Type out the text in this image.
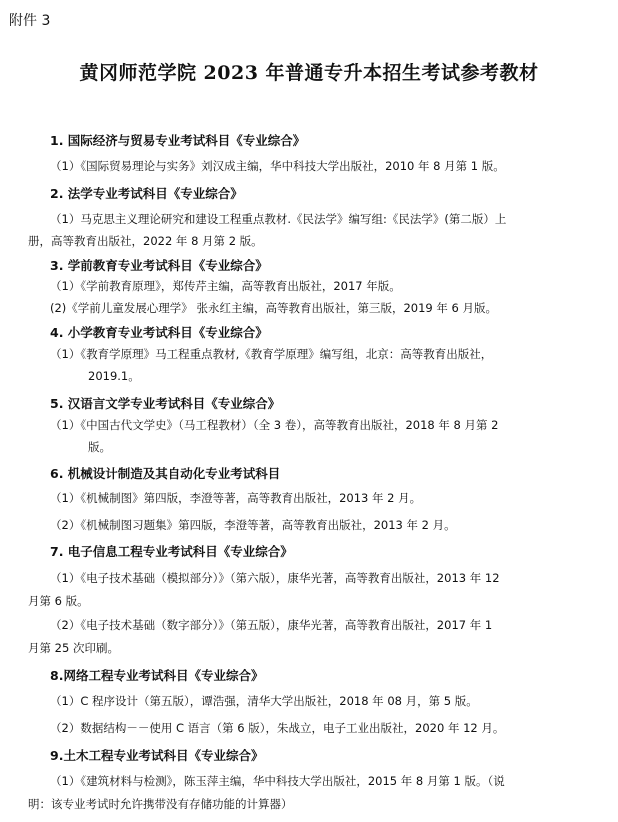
附件 3
黄冈师范学院 2023 年普通专升本招生考试参考教材
1. 国际经济与贸易专业考试科目《专业综合》
（1）《国际贸易理论与实务》刘汉成主编，华中科技大学出版社，2010 年 8 月第 1 版。
2. 法学专业考试科目《专业综合》
（1）马克思主义理论研究和建设工程重点教材.《民法学》编写组:《民法学》(第二版）上
册，高等教育出版社，2022 年 8 月第 2 版。
3. 学前教育专业考试科目《专业综合》
（1）《学前教育原理》，郑传芹主编，高等教育出版社，2017 年版。
(2)《学前儿童发展心理学》 张永红主编，高等教育出版社，第三版，2019 年 6 月版。
4. 小学教育专业考试科目《专业综合》
（1）《教育学原理》马工程重点教材,《教育学原理》编写组，北京：高等教育出版社，
2019.1。
5. 汉语言文学专业考试科目《专业综合》
（1）《中国古代文学史》（马工程教材）（全 3 卷），高等教育出版社，2018 年 8 月第 2
版。
6. 机械设计制造及其自动化专业考试科目
（1）《机械制图》第四版，李澄等著，高等教育出版社，2013 年 2 月。
（2）《机械制图习题集》第四版，李澄等著，高等教育出版社，2013 年 2 月。
7. 电子信息工程专业考试科目《专业综合》
（1）《电子技术基础（模拟部分）》（第六版），康华光著，高等教育出版社，2013 年 12
月第 6 版。
（2）《电子技术基础（数字部分）》（第五版），康华光著，高等教育出版社，2017 年 1
月第 25 次印刷。
8.网络工程专业考试科目《专业综合》
（1）C 程序设计（第五版），谭浩强，清华大学出版社，2018 年 08 月，第 5 版。
（2）数据结构－－使用 C 语言（第 6 版），朱战立，电子工业出版社，2020 年 12 月。
9.土木工程专业考试科目《专业综合》
（1）《建筑材料与检测》，陈玉萍主编，华中科技大学出版社，2015 年 8 月第 1 版。（说
明：该专业考试时允许携带没有存储功能的计算器）
